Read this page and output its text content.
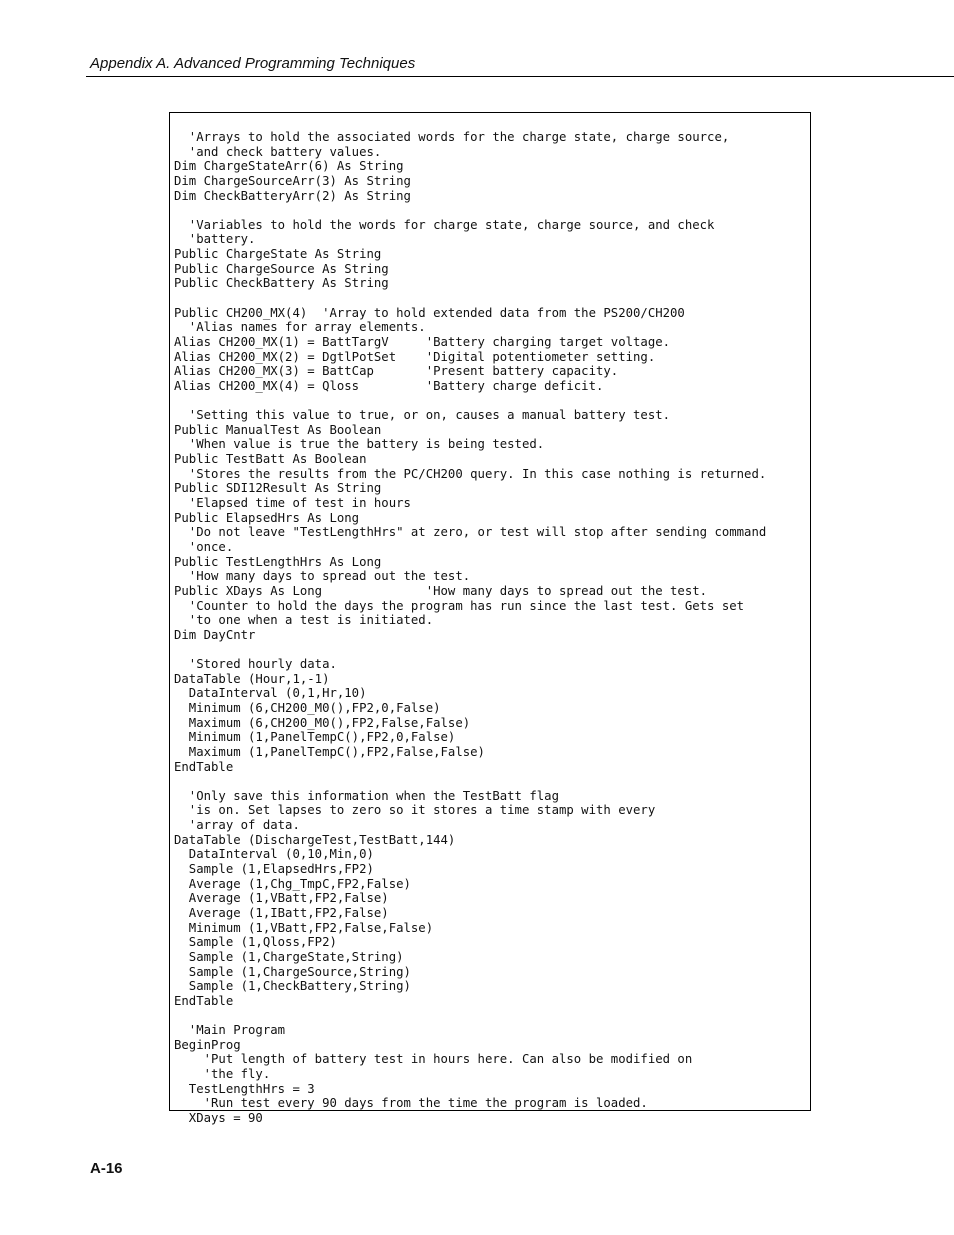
Appendix A. Advanced Programming Techniques
'Arrays to hold the associated words for the charge state, charge source,
'and check battery values.
Dim ChargeStateArr(6) As String
Dim ChargeSourceArr(3) As String
Dim CheckBatteryArr(2) As String
'Variables to hold the words for charge state, charge source, and check
'battery.
Public ChargeState As String
Public ChargeSource As String
Public CheckBattery As String
Public CH200_MX(4)  'Array to hold extended data from the PS200/CH200
'Alias names for array elements.
Alias CH200_MX(1) = BattTargV     'Battery charging target voltage.
Alias CH200_MX(2) = DgtlPotSet    'Digital potentiometer setting.
Alias CH200_MX(3) = BattCap       'Present battery capacity.
Alias CH200_MX(4) = Qloss         'Battery charge deficit.
'Setting this value to true, or on, causes a manual battery test.
Public ManualTest As Boolean
'When value is true the battery is being tested.
Public TestBatt As Boolean
'Stores the results from the PC/CH200 query. In this case nothing is returned.
Public SDI12Result As String
'Elapsed time of test in hours
Public ElapsedHrs As Long
'Do not leave "TestLengthHrs" at zero, or test will stop after sending command
'once.
Public TestLengthHrs As Long
'How many days to spread out the test.
Public XDays As Long              'How many days to spread out the test.
'Counter to hold the days the program has run since the last test. Gets set
'to one when a test is initiated.
Dim DayCntr
'Stored hourly data.
DataTable (Hour,1,-1)
DataInterval (0,1,Hr,10)
Minimum (6,CH200_M0(),FP2,0,False)
Maximum (6,CH200_M0(),FP2,False,False)
Minimum (1,PanelTempC(),FP2,0,False)
Maximum (1,PanelTempC(),FP2,False,False)
EndTable
'Only save this information when the TestBatt flag
'is on. Set lapses to zero so it stores a time stamp with every
'array of data.
DataTable (DischargeTest,TestBatt,144)
DataInterval (0,10,Min,0)
Sample (1,ElapsedHrs,FP2)
Average (1,Chg_TmpC,FP2,False)
Average (1,VBatt,FP2,False)
Average (1,IBatt,FP2,False)
Minimum (1,VBatt,FP2,False,False)
Sample (1,Qloss,FP2)
Sample (1,ChargeState,String)
Sample (1,ChargeSource,String)
Sample (1,CheckBattery,String)
EndTable
'Main Program
BeginProg
'Put length of battery test in hours here. Can also be modified on
'the fly.
TestLengthHrs = 3
'Run test every 90 days from the time the program is loaded.
XDays = 90
A-16
